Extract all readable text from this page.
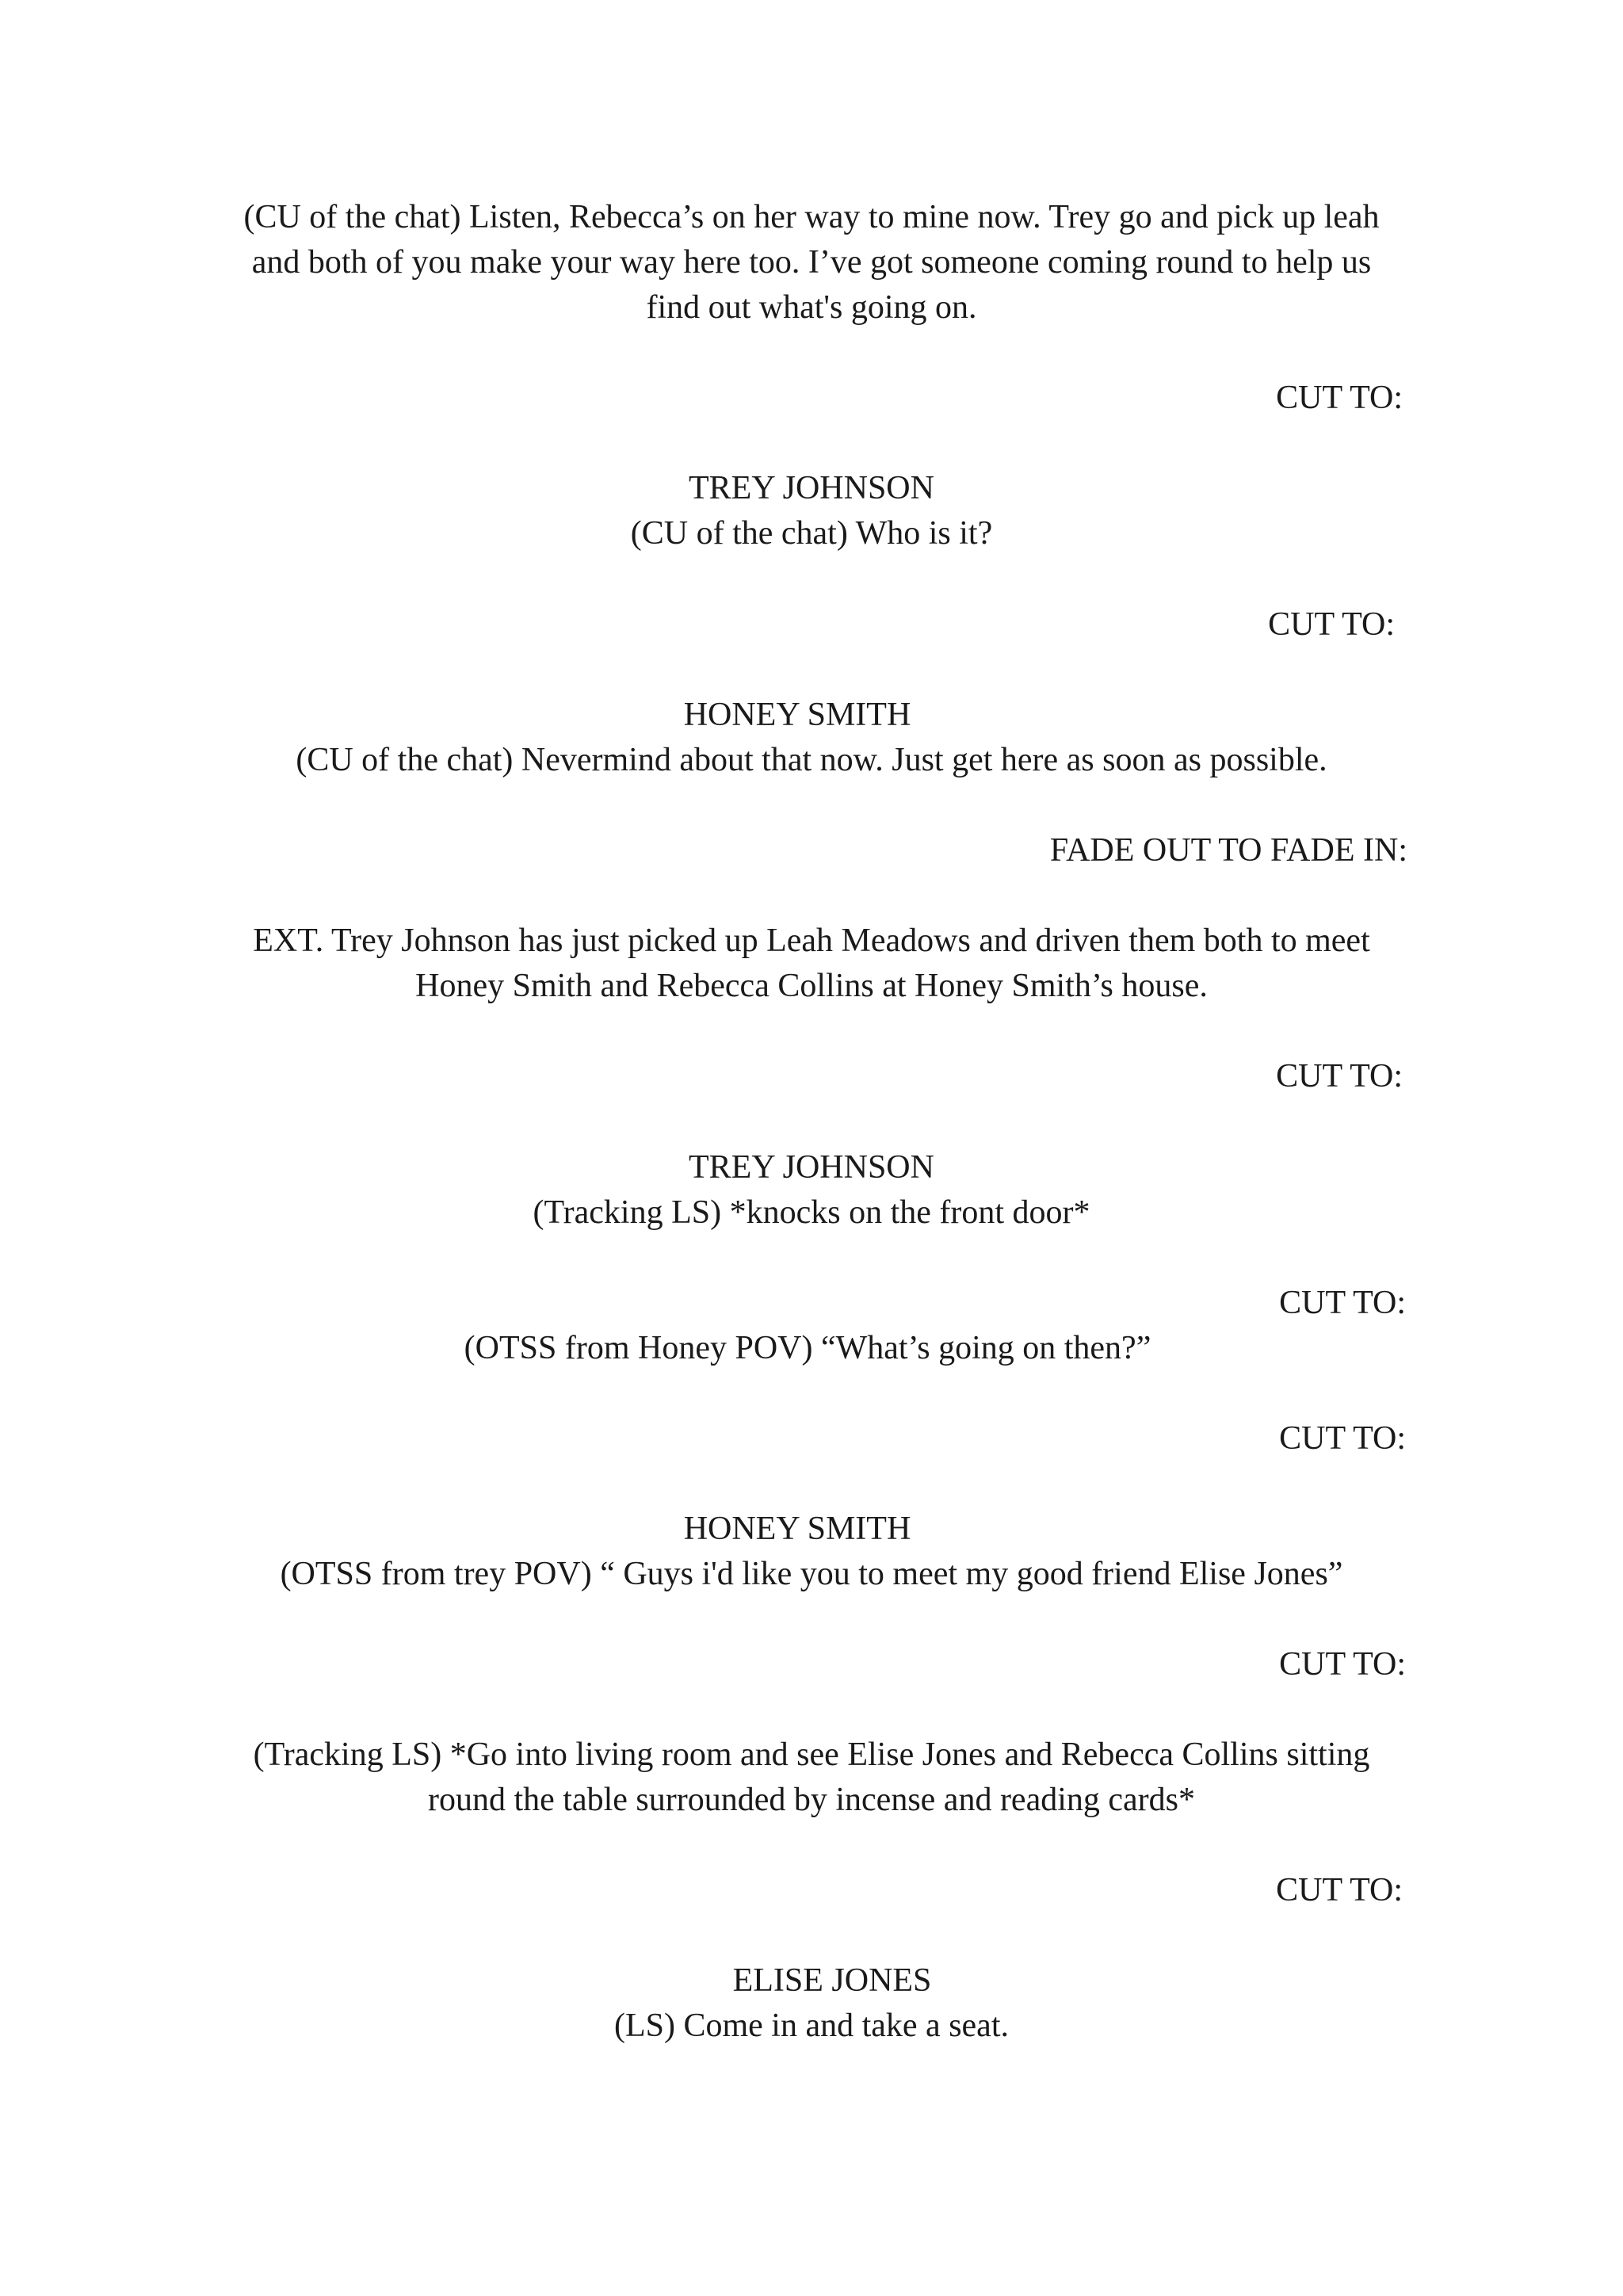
(CU of the chat) Listen, Rebecca’s on her way to mine now. Trey go and pick up leah
and both of you make your way here too. I’ve got someone coming round to help us
find out what's going on.
CUT TO:
TREY JOHNSON
(CU of the chat) Who is it?
CUT TO:
HONEY SMITH
(CU of the chat) Nevermind about that now. Just get here as soon as possible.
FADE OUT TO FADE IN:
EXT. Trey Johnson has just picked up Leah Meadows and driven them both to meet
Honey Smith and Rebecca Collins at Honey Smith’s house.
CUT TO:
TREY JOHNSON
(Tracking LS) *knocks on the front door*
CUT TO:
(OTSS from Honey POV) “What’s going on then?”
CUT TO:
HONEY SMITH
(OTSS from trey POV) “ Guys i'd like you to meet my good friend Elise Jones”
CUT TO:
(Tracking LS) *Go into living room and see Elise Jones and Rebecca Collins sitting
round the table surrounded by incense and reading cards*
CUT TO:
ELISE JONES
(LS) Come in and take a seat.
